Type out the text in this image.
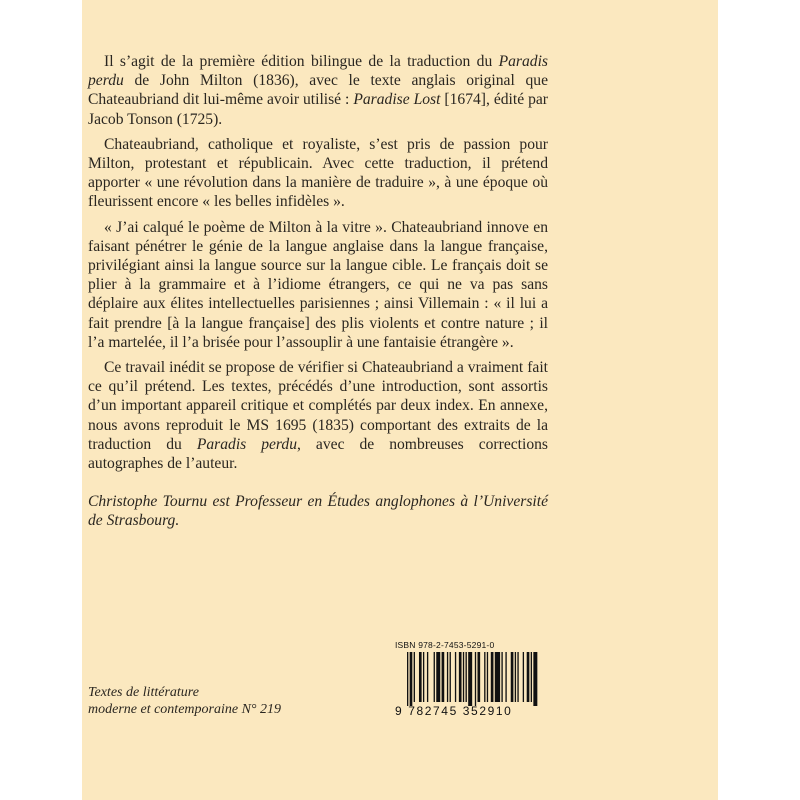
Il s’agit de la première édition bilingue de la traduction du Paradis perdu de John Milton (1836), avec le texte anglais original que Chateaubriand dit lui-même avoir utilisé : Paradise Lost [1674], édité par Jacob Tonson (1725).

Chateaubriand, catholique et royaliste, s’est pris de passion pour Milton, protestant et républicain. Avec cette traduction, il prétend apporter « une révolution dans la manière de traduire », à une époque où fleurissent encore « les belles infidèles ».

« J’ai calqué le poème de Milton à la vitre ». Chateaubriand innove en faisant pénétrer le génie de la langue anglaise dans la langue française, privilégiant ainsi la langue source sur la langue cible. Le français doit se plier à la grammaire et à l’idiome étrangers, ce qui ne va pas sans déplaire aux élites intellectuelles parisiennes ; ainsi Villemain : « il lui a fait prendre [à la langue française] des plis violents et contre nature ; il l’a martelée, il l’a brisée pour l’assouplir à une fantaisie étrangère ».

Ce travail inédit se propose de vérifier si Chateaubriand a vraiment fait ce qu’il prétend. Les textes, précédés d’une introduction, sont assortis d’un important appareil critique et complétés par deux index. En annexe, nous avons reproduit le MS 1695 (1835) comportant des extraits de la traduction du Paradis perdu, avec de nombreuses corrections autographes de l’auteur.

Christophe Tournu est Professeur en Études anglophones à l’Université de Strasbourg.

Textes de littérature
moderne et contemporaine N° 219
ISBN 978-2-7453-5291-0
9 782745 352910
